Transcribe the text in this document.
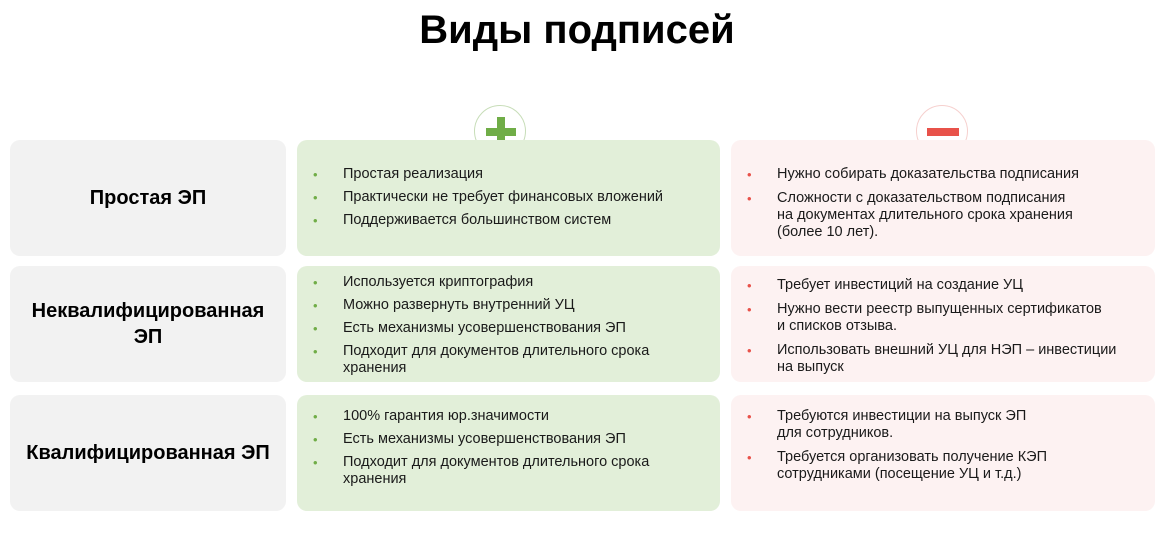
Виды подписей
Простая ЭП
• Простая реализация
• Практически не требует финансовых вложений
• Поддерживается большинством систем
• Нужно собирать доказательства подписания
• Сложности с доказательством подписания
на документах длительного срока хранения
(более 10 лет).
Неквалифицированная ЭП
• Используется криптография
• Можно развернуть внутренний УЦ
• Есть механизмы усовершенствования ЭП
• Подходит для документов длительного срока
хранения
• Требует инвестиций на создание УЦ
• Нужно вести реестр выпущенных сертификатов
и списков отзыва.
• Использовать внешний УЦ для НЭП – инвестиции
на выпуск
Квалифицированная ЭП
• 100% гарантия юр.значимости
• Есть механизмы усовершенствования ЭП
• Подходит для документов длительного срока
хранения
• Требуются инвестиции на выпуск ЭП
для сотрудников.
• Требуется организовать получение КЭП
сотрудниками (посещение УЦ и т.д.)
